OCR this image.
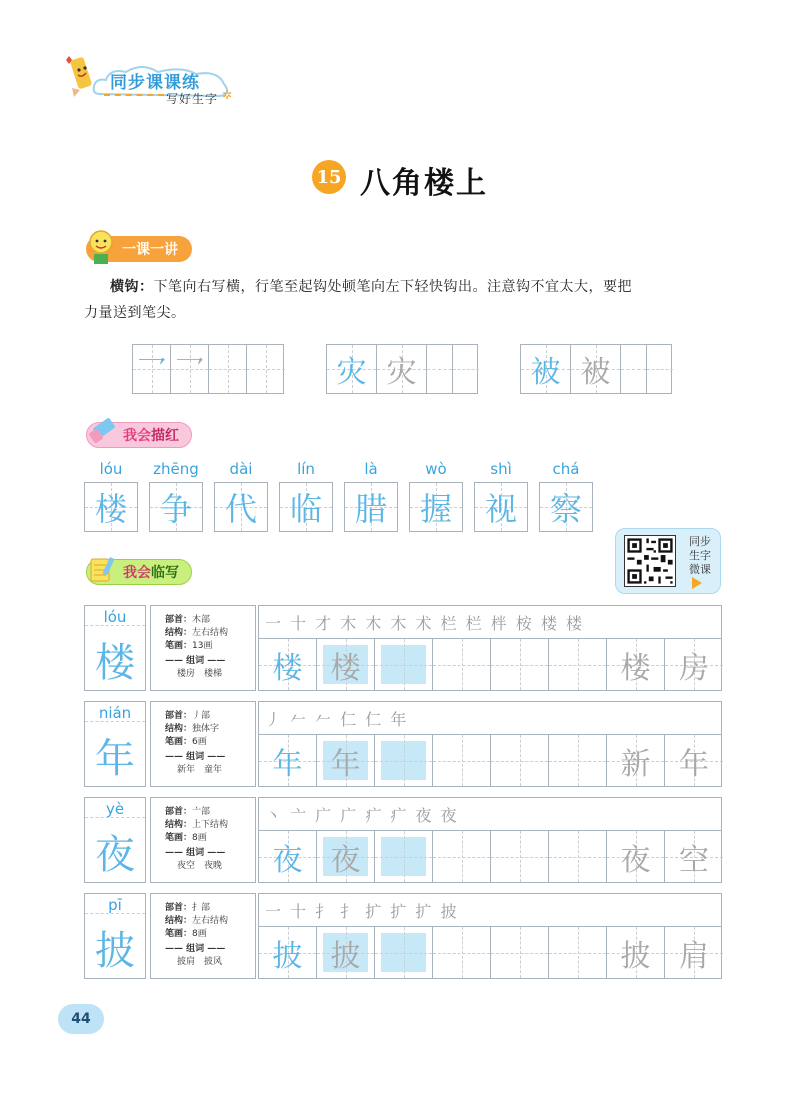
同步课课练
写好生字 ✲
15 八角楼上
一课 一讲
横钩：下笔向右写横，行笔至起钩处顿笔向左下轻快钩出。注意钩不宜太大，要把
力量送到笔尖。
乛 乛	灾 灾	被 被
我 会 描红
lóu
楼
zhēng
争
dài
代
lín
临
là
腊
wò
握
shì
视
chá
察
同步
生字
微课
我 会 临写
lóu
楼
部首：木部
结构：左右结构
笔画：13画
—— 组词 ——
楼房　楼梯
一 十 才 木 木 木 术 栏 栏 柈 桉 楼 楼
楼 楼	楼 房
nián
年
部首：丿部
结构：独体字
笔画：6画
—— 组词 ——
新年　童年
丿 𠂉 𠂉 仁 仁 年
年 年	新 年
yè
夜
部首：亠部
结构：上下结构
笔画：8画
—— 组词 ——
夜空　夜晚
丶 亠 广 广 疒 疒 夜 夜
夜 夜	夜 空
pī
披
部首：扌部
结构：左右结构
笔画：8画
—— 组词 ——
披肩　披风
一 十 扌 扌 扩 扩 扩 披
披 披	披 肩
44
